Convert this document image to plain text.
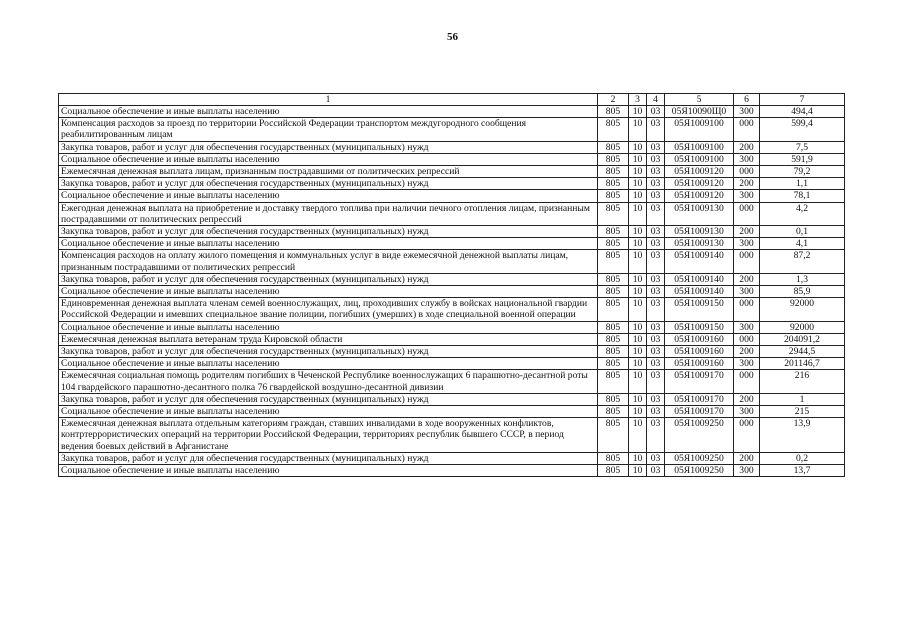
56
1	2	3	4	5	6	7
Социальное обеспечение и иные выплаты населению	805	10	03	05Я10090Щ0	300	494,4
Компенсация расходов за проезд по территории Российской Федерации транспортом междугородного сообщения реабилитированным лицам	805	10	03	05Я1009100	000	599,4
Закупка товаров, работ и услуг для обеспечения государственных (муниципальных) нужд	805	10	03	05Я1009100	200	7,5
Социальное обеспечение и иные выплаты населению	805	10	03	05Я1009100	300	591,9
Ежемесячная денежная выплата лицам, признанным пострадавшими от политических репрессий	805	10	03	05Я1009120	000	79,2
Закупка товаров, работ и услуг для обеспечения государственных (муниципальных) нужд	805	10	03	05Я1009120	200	1,1
Социальное обеспечение и иные выплаты населению	805	10	03	05Я1009120	300	78,1
Ежегодная денежная выплата на приобретение и доставку твердого топлива при наличии печного отопления лицам, признанным пострадавшими от политических репрессий	805	10	03	05Я1009130	000	4,2
Закупка товаров, работ и услуг для обеспечения государственных (муниципальных) нужд	805	10	03	05Я1009130	200	0,1
Социальное обеспечение и иные выплаты населению	805	10	03	05Я1009130	300	4,1
Компенсация расходов на оплату жилого помещения и коммунальных услуг в виде ежемесячной денежной выплаты лицам, признанным пострадавшими от политических репрессий	805	10	03	05Я1009140	000	87,2
Закупка товаров, работ и услуг для обеспечения государственных (муниципальных) нужд	805	10	03	05Я1009140	200	1,3
Социальное обеспечение и иные выплаты населению	805	10	03	05Я1009140	300	85,9
Единовременная денежная выплата членам семей военнослужащих, лиц, проходивших службу в войсках национальной гвардии Российской Федерации и имевших специальное звание полиции, погибших (умерших) в ходе специальной военной операции	805	10	03	05Я1009150	000	92000
Социальное обеспечение и иные выплаты населению	805	10	03	05Я1009150	300	92000
Ежемесячная денежная выплата ветеранам труда Кировской области	805	10	03	05Я1009160	000	204091,2
Закупка товаров, работ и услуг для обеспечения государственных (муниципальных) нужд	805	10	03	05Я1009160	200	2944,5
Социальное обеспечение и иные выплаты населению	805	10	03	05Я1009160	300	201146,7
Ежемесячная социальная помощь родителям погибших в Чеченской Республике военнослужащих 6 парашютно-десантной роты 104 гвардейского парашютно-десантного полка 76 гвардейской воздушно-десантной дивизии	805	10	03	05Я1009170	000	216
Закупка товаров, работ и услуг для обеспечения государственных (муниципальных) нужд	805	10	03	05Я1009170	200	1
Социальное обеспечение и иные выплаты населению	805	10	03	05Я1009170	300	215
Ежемесячная денежная выплата отдельным категориям граждан, ставших инвалидами в ходе вооруженных конфликтов, контртеррористических операций на территории Российской Федерации, территориях республик бывшего СССР, в период ведения боевых действий в Афганистане	805	10	03	05Я1009250	000	13,9
Закупка товаров, работ и услуг для обеспечения государственных (муниципальных) нужд	805	10	03	05Я1009250	200	0,2
Социальное обеспечение и иные выплаты населению	805	10	03	05Я1009250	300	13,7
